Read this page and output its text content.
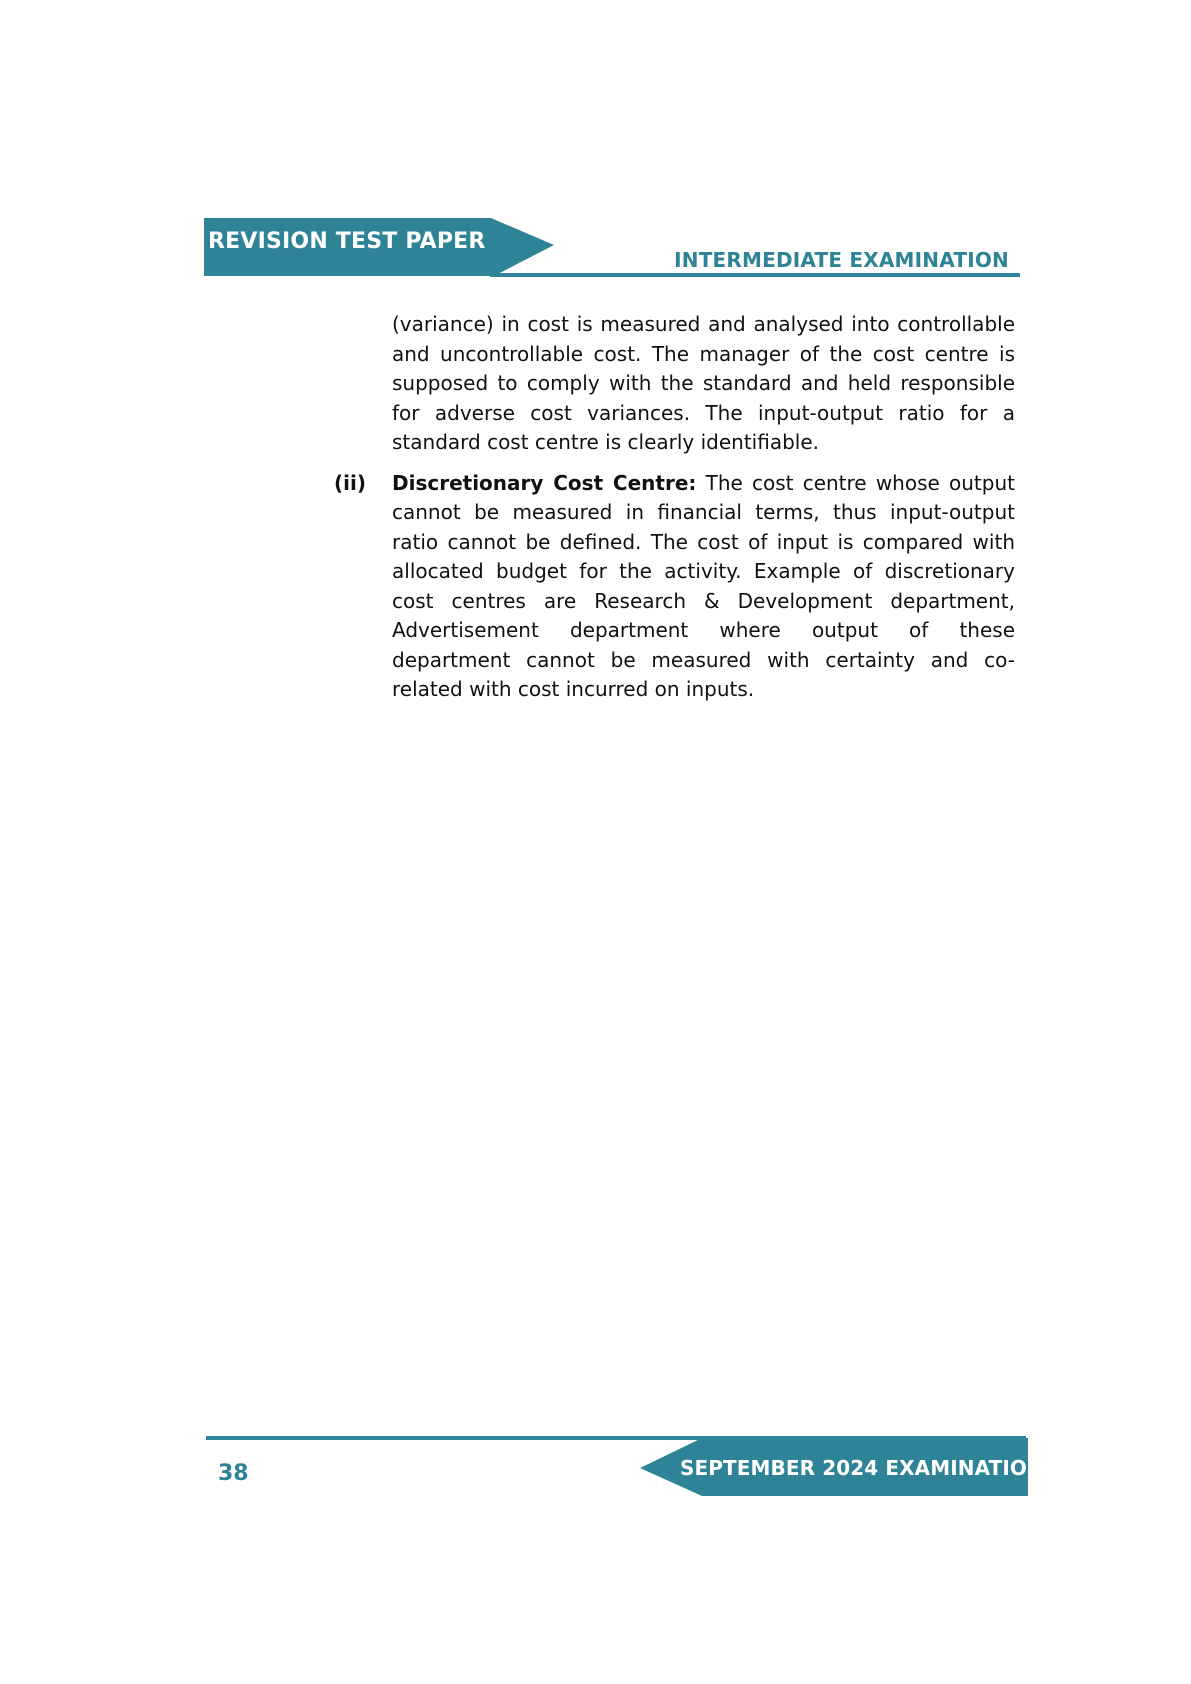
REVISION TEST PAPER
INTERMEDIATE EXAMINATION

(variance) in cost is measured and analysed into controllable and uncontrollable cost. The manager of the cost centre is supposed to comply with the standard and held responsible for adverse cost variances. The input-output ratio for a standard cost centre is clearly identifiable.

(ii) Discretionary Cost Centre: The cost centre whose output cannot be measured in financial terms, thus input-output ratio cannot be defined. The cost of input is compared with allocated budget for the activity. Example of discretionary cost centres are Research & Development department, Advertisement department where output of these department cannot be measured with certainty and co-related with cost incurred on inputs.

SEPTEMBER 2024 EXAMINATION
38
